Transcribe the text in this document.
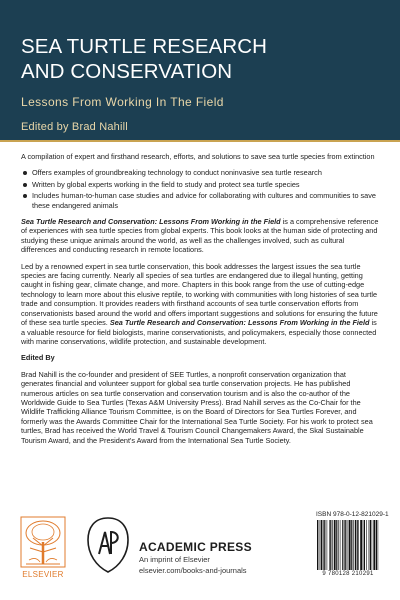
SEA TURTLE RESEARCH
AND CONSERVATION

Lessons From Working In The Field

Edited by Brad Nahill

A compilation of expert and firsthand research, efforts, and solutions to save sea turtle species from extinction

Offers examples of groundbreaking technology to conduct noninvasive sea turtle research
Written by global experts working in the field to study and protect sea turtle species
Includes human-to-human case studies and advice for collaborating with cultures and communities to save these endangered animals

Sea Turtle Research and Conservation: Lessons From Working in the Field is a comprehensive reference of experiences with sea turtle species from global experts. This book looks at the human side of protecting and studying these unique animals around the world, as well as the challenges involved, such as cultural differences and conducting research in remote locations.

Led by a renowned expert in sea turtle conservation, this book addresses the largest issues the sea turtle species are facing currently. Nearly all species of sea turtles are endangered due to illegal hunting, getting caught in fishing gear, climate change, and more. Chapters in this book range from the use of cutting-edge technology to learn more about this elusive reptile, to working with communities with long histories of sea turtle trade and consumption. It provides readers with firsthand accounts of sea turtle conservation efforts from conservationists based around the world and offers important suggestions and solutions for ensuring the future of these sea turtle species. Sea Turtle Research and Conservation: Lessons From Working in the Field is a valuable resource for field biologists, marine conservationists, and policymakers, especially those connected with marine conservations, wildlife protection, and sustainable development.

Edited By

Brad Nahill is the co-founder and president of SEE Turtles, a nonprofit conservation organization that generates financial and volunteer support for global sea turtle conservation projects. He has published numerous articles on sea turtle conservation and conservation tourism and is also the co-author of the Worldwide Guide to Sea Turtles (Texas A&M University Press). Brad Nahill serves as the Co-Chair for the Wildlife Trafficking Alliance Tourism Committee, is on the Board of Directors for Sea Turtles Forever, and formerly was the Awards Committee Chair for the International Sea Turtle Society. For his work to protect sea turtles, Brad has received the World Travel & Tourism Council Changemakers Award, the Skal Sustainable Tourism Award, and the President's Award from the International Sea Turtle Society.

ELSEVIER
ACADEMIC PRESS
An imprint of Elsevier
elsevier.com/books-and-journals
ISBN 978-0-12-821029-1
9 780128 210291
